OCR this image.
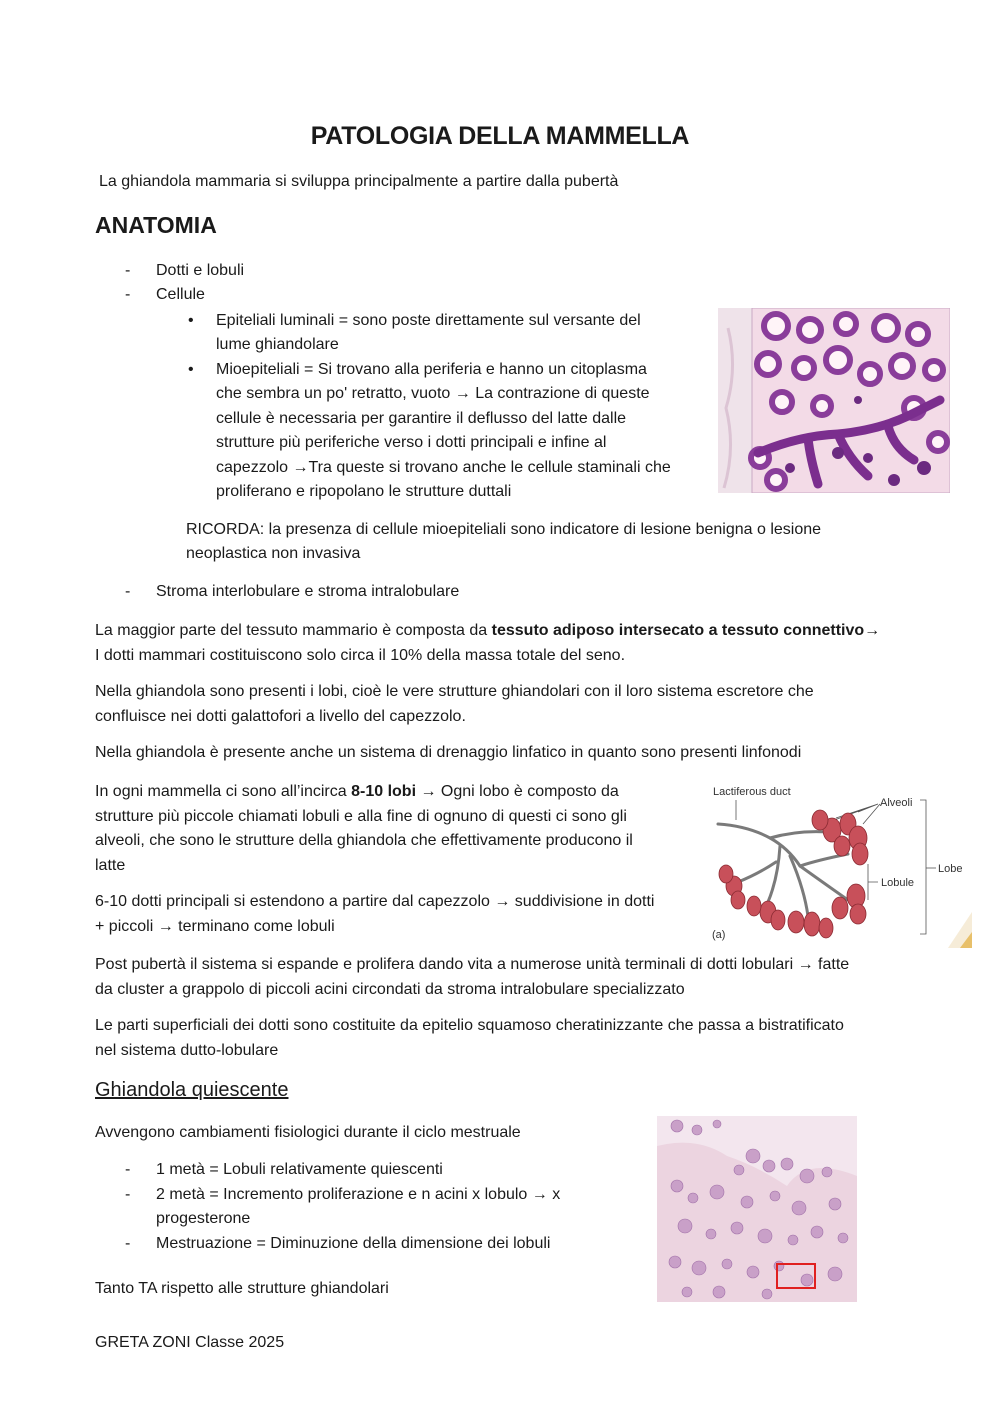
PATOLOGIA DELLA MAMMELLA
La ghiandola mammaria si sviluppa principalmente a partire dalla pubertà
ANATOMIA
- Dotti e lobuli
- Cellule
• Epiteliali luminali = sono poste direttamente sul versante del
lume ghiandolare
• Mioepiteliali = Si trovano alla periferia e hanno un citoplasma
che sembra un po' retratto, vuoto → La contrazione di queste
cellule è necessaria per garantire il deflusso del latte dalle
strutture più periferiche verso i dotti principali e infine al
capezzolo →Tra queste si trovano anche le cellule staminali che
proliferano e ripopolano le strutture duttali
RICORDA: la presenza di cellule mioepiteliali sono indicatore di lesione benigna o lesione
neoplastica non invasiva
- Stroma interlobulare e stroma intralobulare
La maggior parte del tessuto mammario è composta da tessuto adiposo intersecato a tessuto connettivo→
I dotti mammari costituiscono solo circa il 10% della massa totale del seno.
Nella ghiandola sono presenti i lobi, cioè le vere strutture ghiandolari con il loro sistema escretore che
confluisce nei dotti galattofori a livello del capezzolo.
Nella ghiandola è presente anche un sistema di drenaggio linfatico in quanto sono presenti linfonodi
In ogni mammella ci sono all’incirca 8-10 lobi → Ogni lobo è composto da
strutture più piccole chiamati lobuli e alla fine di ognuno di questi ci sono gli
alveoli, che sono le strutture della ghiandola che effettivamente producono il
latte
6-10 dotti principali si estendono a partire dal capezzolo → suddivisione in dotti
+ piccoli → terminano come lobuli
Lactiferous duct
Alveoli
Lobule
Lobe
(a)
Post pubertà il sistema si espande e prolifera dando vita a numerose unità terminali di dotti lobulari → fatte
da cluster a grappolo di piccoli acini circondati da stroma intralobulare specializzato
Le parti superficiali dei dotti sono costituite da epitelio squamoso cheratinizzante che passa a bistratificato
nel sistema dutto-lobulare
Ghiandola quiescente
Avvengono cambiamenti fisiologici durante il ciclo mestruale
- 1 metà = Lobuli relativamente quiescenti
- 2 metà = Incremento proliferazione e n acini x lobulo → x
progesterone
- Mestruazione = Diminuzione della dimensione dei lobuli
Tanto TA rispetto alle strutture ghiandolari
GRETA ZONI Classe 2025
